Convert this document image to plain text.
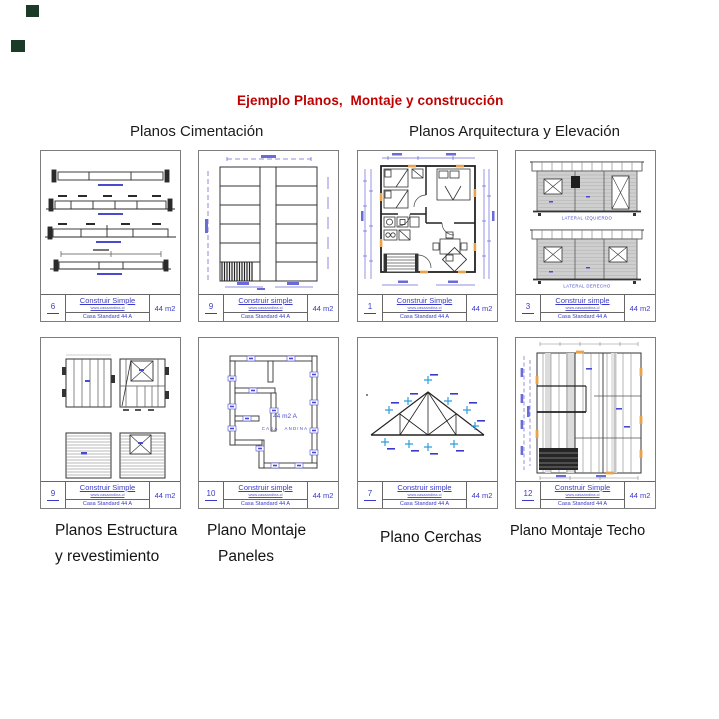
Ejemplo Planos,  Montaje y construcción
Planos Cimentación	Planos Arquitectura y Elevación
6
Construir Simple
www.casaandina.cl
Casa Standard 44 A
44 m2	9
Construir simple
www.casaandina.cl
Casa Standard 44 A
44 m2	1
Construir Simple
www.casaandina.cl
Casa Standard 44 A
44 m2
LATERAL IZQUIERDO
LATERAL DERECHO
3
Construir simple
www.casaandina.cl
Casa Standard 44 A
44 m2
9
Construir Simple
www.casaandina.cl
Casa Standard 44 A
44 m2
44 m2 A
CASA ANDINA
10
Construir simple
www.casaandina.cl
Casa Standard 44 A
44 m2	7
Construir simple
www.casaandina.cl
Casa Standard 44 A
44 m2	12
Construir Simple
www.casaandina.cl
Casa Standard 44 A
44 m2
Planos Estructura
y revestimiento
Plano Montaje
Paneles
Plano Cerchas Plano Montaje Techo
